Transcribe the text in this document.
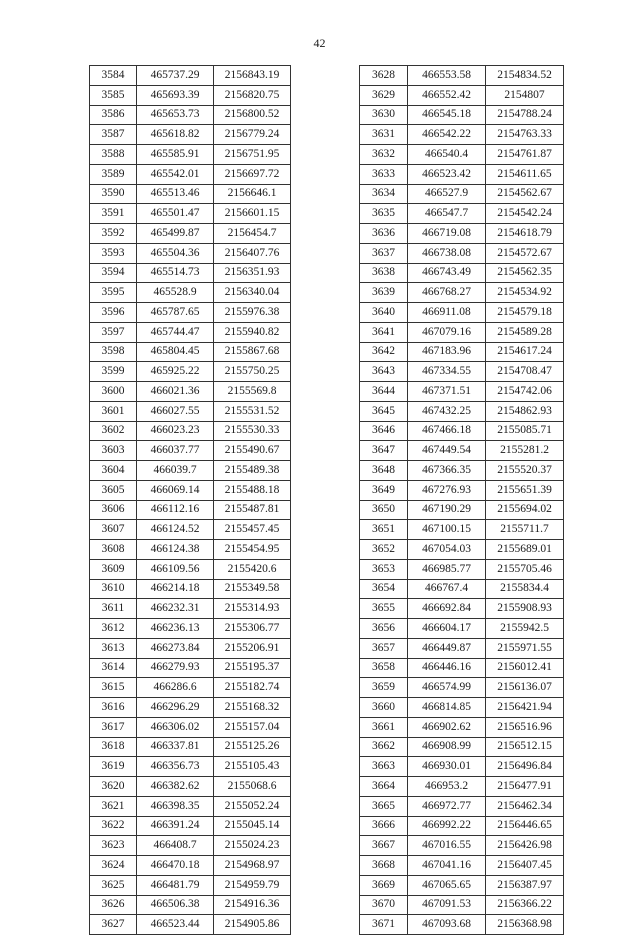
42
3584	465737.29	2156843.19
3585	465693.39	2156820.75
3586	465653.73	2156800.52
3587	465618.82	2156779.24
3588	465585.91	2156751.95
3589	465542.01	2156697.72
3590	465513.46	2156646.1
3591	465501.47	2156601.15
3592	465499.87	2156454.7
3593	465504.36	2156407.76
3594	465514.73	2156351.93
3595	465528.9	2156340.04
3596	465787.65	2155976.38
3597	465744.47	2155940.82
3598	465804.45	2155867.68
3599	465925.22	2155750.25
3600	466021.36	2155569.8
3601	466027.55	2155531.52
3602	466023.23	2155530.33
3603	466037.77	2155490.67
3604	466039.7	2155489.38
3605	466069.14	2155488.18
3606	466112.16	2155487.81
3607	466124.52	2155457.45
3608	466124.38	2155454.95
3609	466109.56	2155420.6
3610	466214.18	2155349.58
3611	466232.31	2155314.93
3612	466236.13	2155306.77
3613	466273.84	2155206.91
3614	466279.93	2155195.37
3615	466286.6	2155182.74
3616	466296.29	2155168.32
3617	466306.02	2155157.04
3618	466337.81	2155125.26
3619	466356.73	2155105.43
3620	466382.62	2155068.6
3621	466398.35	2155052.24
3622	466391.24	2155045.14
3623	466408.7	2155024.23
3624	466470.18	2154968.97
3625	466481.79	2154959.79
3626	466506.38	2154916.36
3627	466523.44	2154905.86
3628	466553.58	2154834.52
3629	466552.42	2154807
3630	466545.18	2154788.24
3631	466542.22	2154763.33
3632	466540.4	2154761.87
3633	466523.42	2154611.65
3634	466527.9	2154562.67
3635	466547.7	2154542.24
3636	466719.08	2154618.79
3637	466738.08	2154572.67
3638	466743.49	2154562.35
3639	466768.27	2154534.92
3640	466911.08	2154579.18
3641	467079.16	2154589.28
3642	467183.96	2154617.24
3643	467334.55	2154708.47
3644	467371.51	2154742.06
3645	467432.25	2154862.93
3646	467466.18	2155085.71
3647	467449.54	2155281.2
3648	467366.35	2155520.37
3649	467276.93	2155651.39
3650	467190.29	2155694.02
3651	467100.15	2155711.7
3652	467054.03	2155689.01
3653	466985.77	2155705.46
3654	466767.4	2155834.4
3655	466692.84	2155908.93
3656	466604.17	2155942.5
3657	466449.87	2155971.55
3658	466446.16	2156012.41
3659	466574.99	2156136.07
3660	466814.85	2156421.94
3661	466902.62	2156516.96
3662	466908.99	2156512.15
3663	466930.01	2156496.84
3664	466953.2	2156477.91
3665	466972.77	2156462.34
3666	466992.22	2156446.65
3667	467016.55	2156426.98
3668	467041.16	2156407.45
3669	467065.65	2156387.97
3670	467091.53	2156366.22
3671	467093.68	2156368.98
